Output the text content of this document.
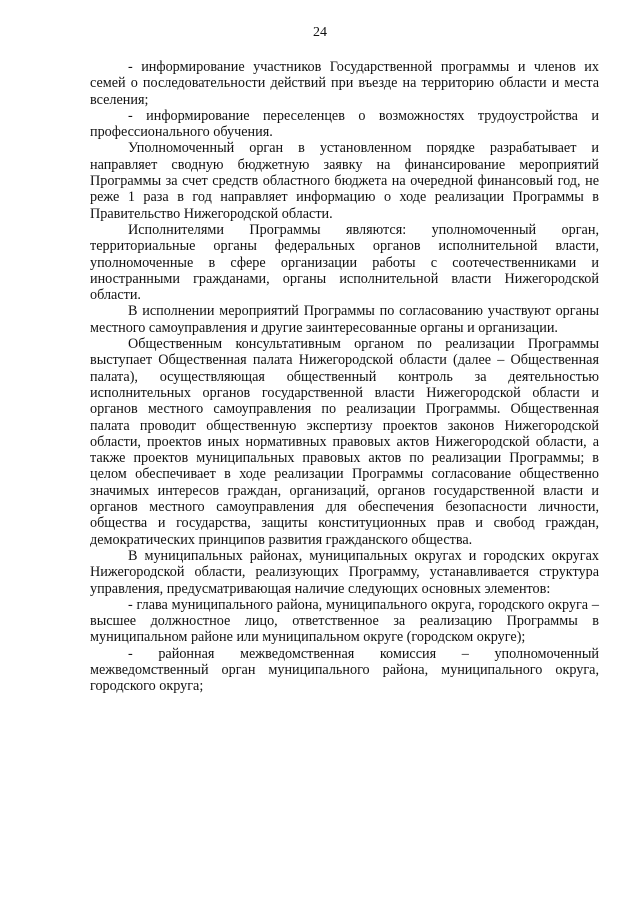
24

- информирование участников Государственной программы и членов их семей о последовательности действий при въезде на территорию области и места вселения;

- информирование переселенцев о возможностях трудоустройства и профессионального обучения.

Уполномоченный орган в установленном порядке разрабатывает и направляет сводную бюджетную заявку на финансирование мероприятий Программы за счет средств областного бюджета на очередной финансовый год, не реже 1 раза в год направляет информацию о ходе реализации Программы в Правительство Нижегородской области.

Исполнителями Программы являются: уполномоченный орган, территориальные органы федеральных органов исполнительной власти, уполномоченные в сфере организации работы с соотечественниками и иностранными гражданами, органы исполнительной власти Нижегородской области.

В исполнении мероприятий Программы по согласованию участвуют органы местного самоуправления и другие заинтересованные органы и организации.

Общественным консультативным органом по реализации Программы выступает Общественная палата Нижегородской области (далее – Общественная палата), осуществляющая общественный контроль за деятельностью исполнительных органов государственной власти Нижегородской области и органов местного самоуправления по реализации Программы. Общественная палата проводит общественную экспертизу проектов законов Нижегородской области, проектов иных нормативных правовых актов Нижегородской области, а также проектов муниципальных правовых актов по реализации Программы; в целом обеспечивает в ходе реализации Программы согласование общественно значимых интересов граждан, организаций, органов государственной власти и органов местного самоуправления для обеспечения безопасности личности, общества и государства, защиты конституционных прав и свобод граждан, демократических принципов развития гражданского общества.

В муниципальных районах, муниципальных округах и городских округах Нижегородской области, реализующих Программу, устанавливается структура управления, предусматривающая наличие следующих основных элементов:

- глава муниципального района, муниципального округа, городского округа – высшее должностное лицо, ответственное за реализацию Программы в муниципальном районе или муниципальном округе (городском округе);

- районная межведомственная комиссия – уполномоченный межведомственный орган муниципального района, муниципального округа, городского округа;
